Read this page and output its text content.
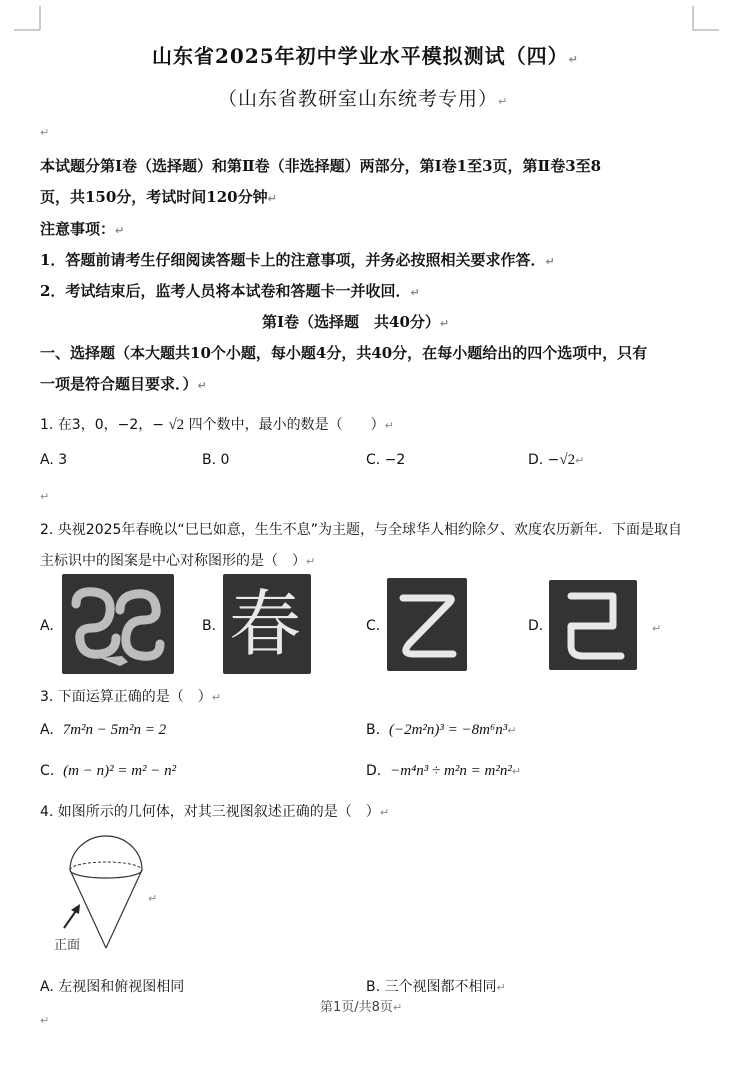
山东省2025年初中学业水平模拟测试（四）↵
（山东省教研室山东统考专用）↵
↵
本试题分第Ⅰ卷（选择题）和第Ⅱ卷（非选择题）两部分，第Ⅰ卷1至3页，第Ⅱ卷3至8
页，共150分，考试时间120分钟↵
注意事项：↵
1．答题前请考生仔细阅读答题卡上的注意事项，并务必按照相关要求作答．↵
2．考试结束后，监考人员将本试卷和答题卡一并收回．↵
第Ⅰ卷（选择题　共40分）↵
一、选择题（本大题共10个小题，每小题4分，共40分，在每小题给出的四个选项中，只有
一项是符合题目要求．）↵
1. 在3，0，−2，− √2 四个数中，最小的数是（　　）↵
A. 3	B. 0	C. −2	D. −√2↵
↵
2. 央视2025年春晚以“巳巳如意，生生不息”为主题，与全球华人相约除夕、欢度农历新年．下面是取自
主标识中的图案是中心对称图形的是（　）↵
A.	B. 春	C.	D.	↵
3. 下面运算正确的是（　）↵
A. 7m²n − 5m²n = 2	B. (−2m²n)³ = −8m⁶n³↵
C. (m − n)² = m² − n²	D. −m⁴n³ ÷ m²n = m²n²↵
4. 如图所示的几何体，对其三视图叙述正确的是（　）↵
正面
↵
A. 左视图和俯视图相同	B. 三个视图都不相同↵
第1页/共8页↵
↵
